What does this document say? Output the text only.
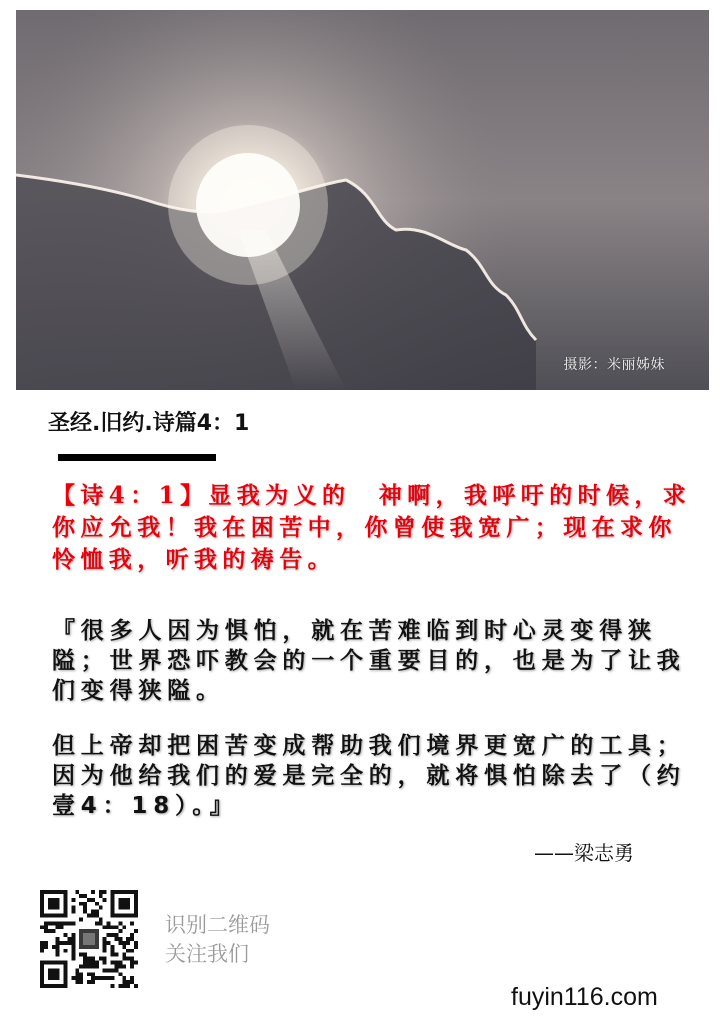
摄影：米丽姊妹
圣经.旧约.诗篇4：1
【诗4：1】显我为义的　神啊，我呼吁的时候，求你应允我！我在困苦中，你曾使我宽广；现在求你怜恤我，听我的祷告。
『很多人因为惧怕，就在苦难临到时心灵变得狭隘；世界恐吓教会的一个重要目的，也是为了让我们变得狭隘。
但上帝却把困苦变成帮助我们境界更宽广的工具；因为他给我们的爱是完全的，就将惧怕除去了（约壹4：18）。』
——梁志勇
识别二维码
关注我们
fuyin116.com
